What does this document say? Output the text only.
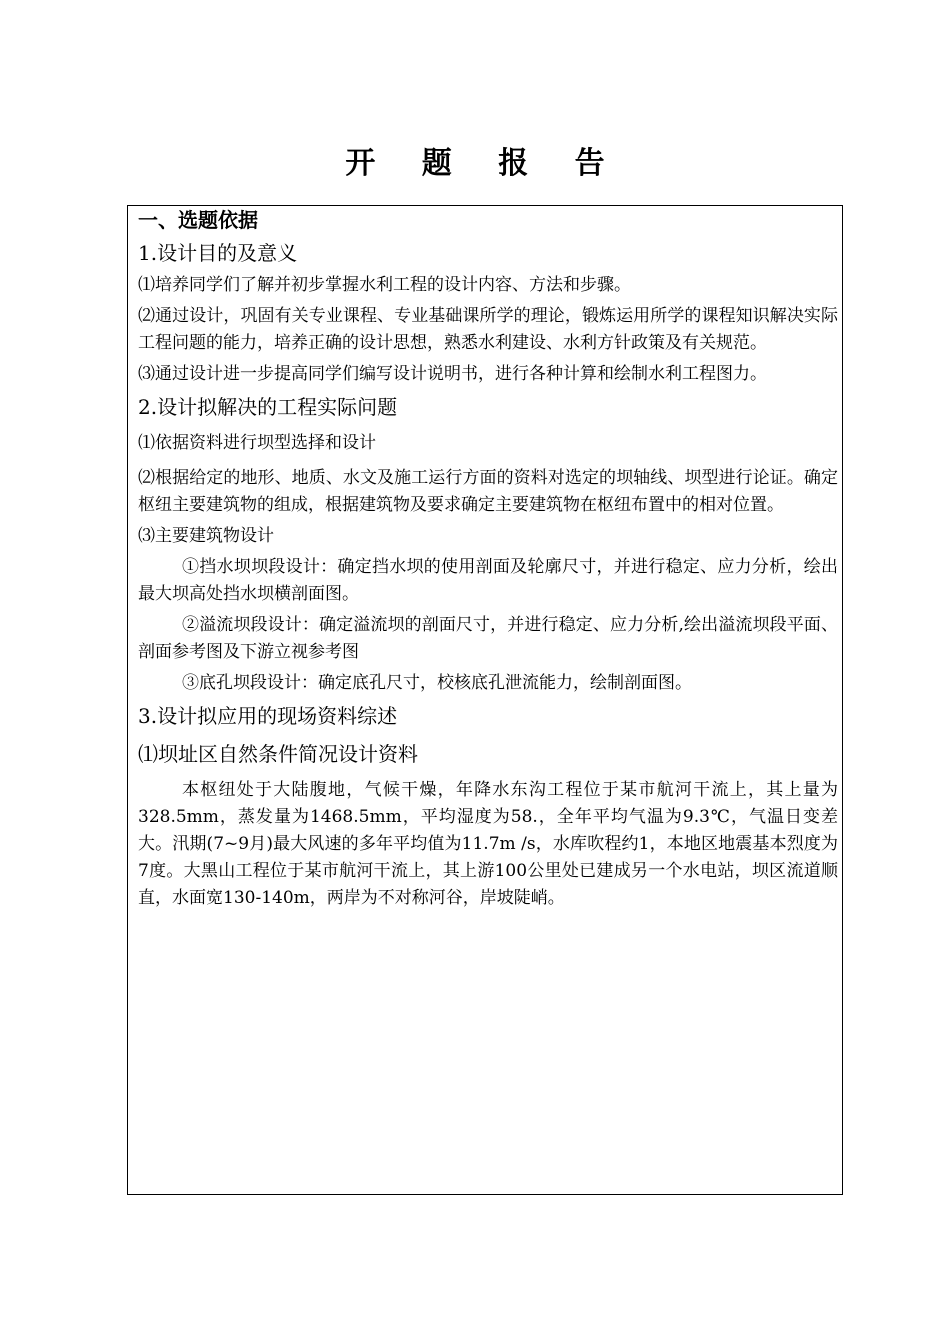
开 题 报 告
一、选题依据
1.设计目的及意义

⑴培养同学们了解并初步掌握水利工程的设计内容、方法和步骤。

⑵通过设计，巩固有关专业课程、专业基础课所学的理论，锻炼运用所学的课程知识解决实际工程问题的能力，培养正确的设计思想，熟悉水利建设、水利方针政策及有关规范。

⑶通过设计进一步提高同学们编写设计说明书，进行各种计算和绘制水利工程图力。

2.设计拟解决的工程实际问题

⑴依据资料进行坝型选择和设计

⑵根据给定的地形、地质、水文及施工运行方面的资料对选定的坝轴线、坝型进行论证。确定枢纽主要建筑物的组成，根据建筑物及要求确定主要建筑物在枢纽布置中的相对位置。

⑶主要建筑物设计

①挡水坝坝段设计：确定挡水坝的使用剖面及轮廓尺寸，并进行稳定、应力分析，绘出最大坝高处挡水坝横剖面图。

②溢流坝段设计：确定溢流坝的剖面尺寸，并进行稳定、应力分析,绘出溢流坝段平面、剖面参考图及下游立视参考图

③底孔坝段设计：确定底孔尺寸，校核底孔泄流能力，绘制剖面图。

3.设计拟应用的现场资料综述
⑴坝址区自然条件简况设计资料

本枢纽处于大陆腹地，气候干燥，年降水东沟工程位于某市航河干流上，其上量为328.5mm，蒸发量为1468.5mm，平均湿度为58.，全年平均气温为9.3℃，气温日变差大。汛期(7~9月)最大风速的多年平均值为11.7m /s，水库吹程约1，本地区地震基本烈度为7度。大黑山工程位于某市航河干流上，其上游100公里处已建成另一个水电站，坝区流道顺直，水面宽130-140m，两岸为不对称河谷，岸坡陡峭。
